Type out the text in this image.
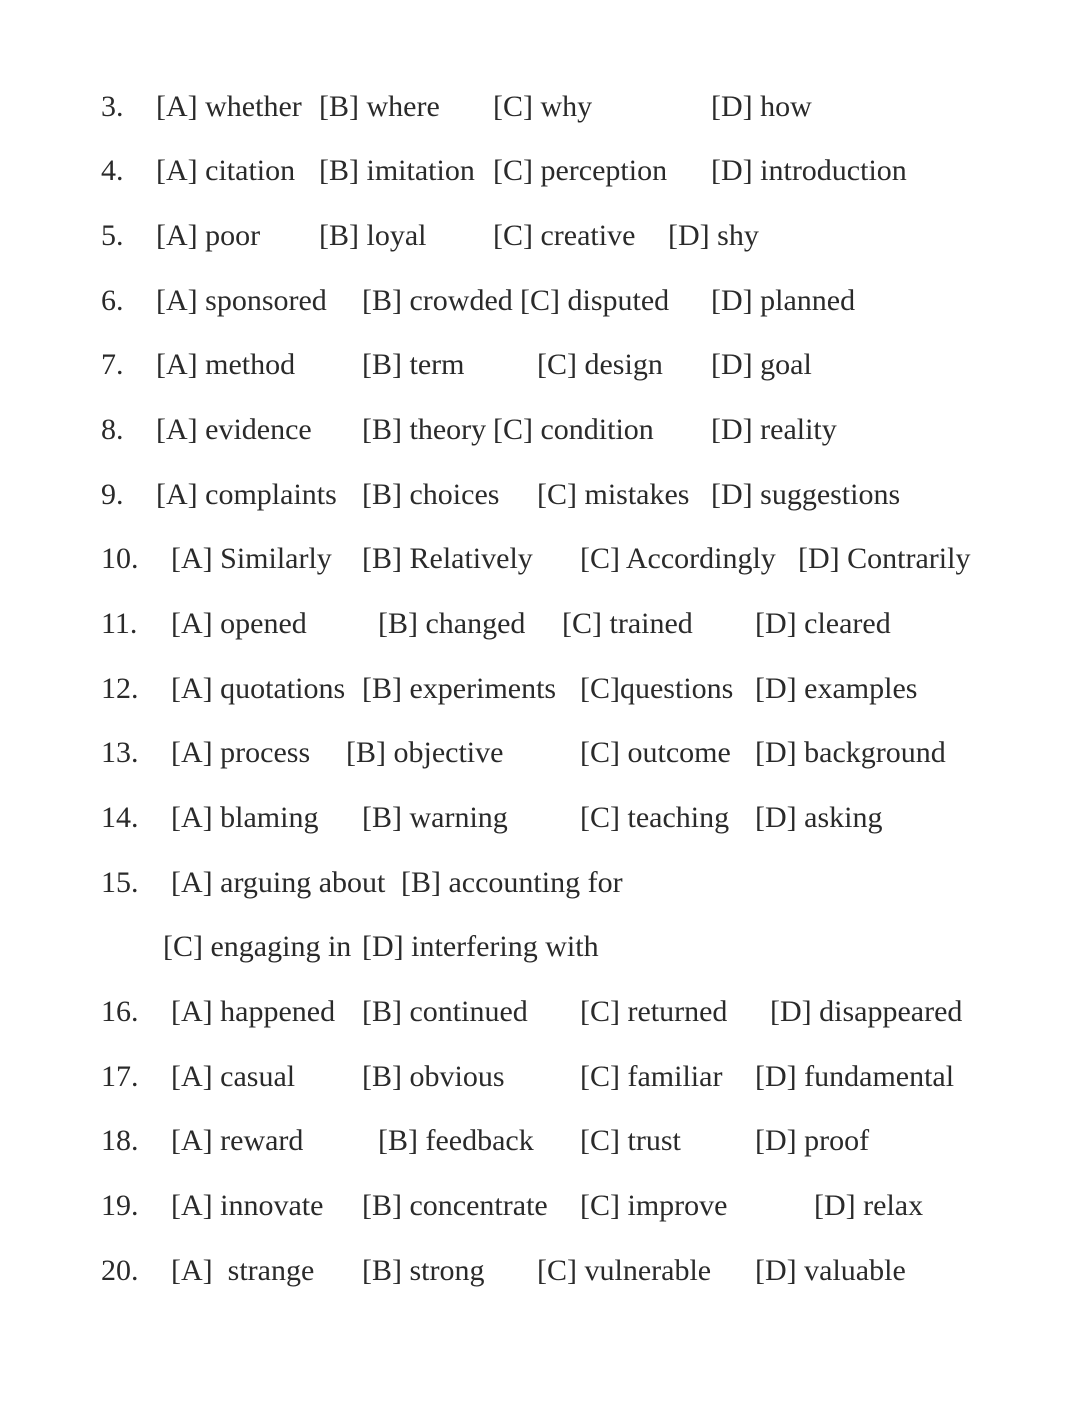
3. [A] whether [B] where [C] why	[D] how
4. [A] citation [B] imitation [C] perception [D] introduction
5. [A] poor [B] loyal [C] creative [D] shy
6. [A] sponsored [B] crowded [C] disputed [D] planned
7. [A] method [B] term [C] design [D] goal
8. [A] evidence [B] theory [C] condition [D] reality
9. [A] complaints [B] choices [C] mistakes [D] suggestions
10. [A] Similarly [B] Relatively [C] Accordingly [D] Contrarily
11. [A] opened [B] changed [C] trained [D] cleared
12. [A] quotations [B] experiments [C]questions [D] examples
13. [A] process [B] objective	[C] outcome [D] background
14. [A] blaming [B] warning [C] teaching [D] asking
15. [A] arguing about [B] accounting for
[C] engaging in [D] interfering with
16. [A] happened [B] continued [C] returned [D] disappeared
17. [A] casual [B] obvious	[C] familiar [D] fundamental
18. [A] reward [B] feedback [C] trust [D] proof
19. [A] innovate [B] concentrate [C] improve	[D] relax
20. [A]  strange [B] strong [C] vulnerable [D] valuable
